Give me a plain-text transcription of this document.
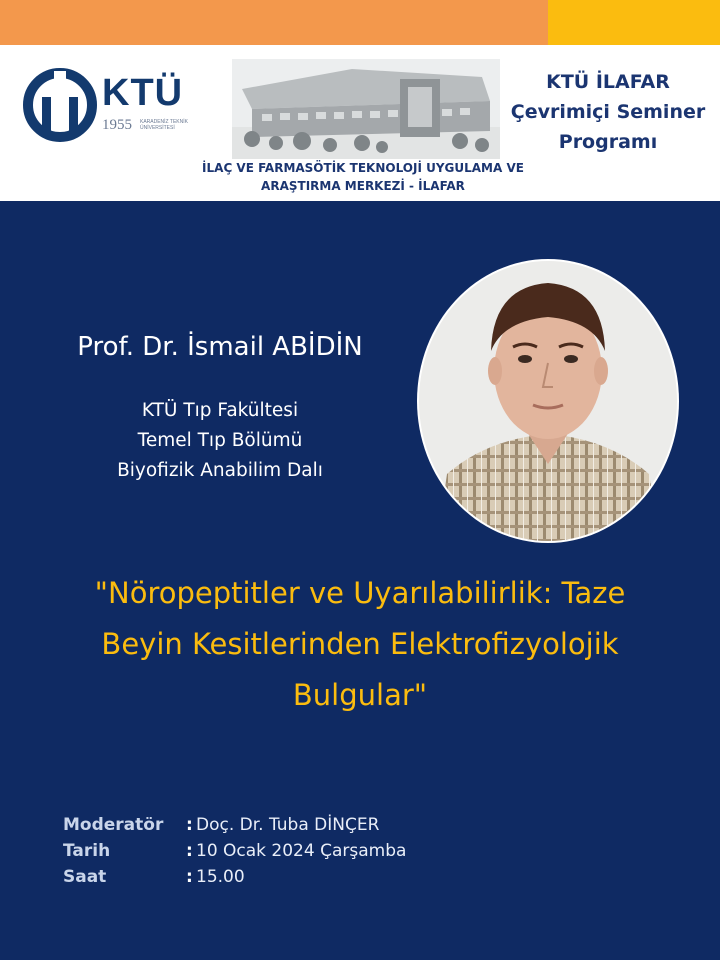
KTÜ
1955 KARADENİZ TEKNİK ÜNİVERSİTESİ
KTÜ İLAFAR
Çevrimiçi Seminer
Programı
İLAÇ VE FARMASÖTİK TEKNOLOJİ UYGULAMA VE
ARAŞTIRMA MERKEZİ - İLAFAR
Prof. Dr. İsmail ABİDİN
KTÜ Tıp Fakültesi
Temel Tıp Bölümü
Biyofizik Anabilim Dalı
"Nöropeptitler ve Uyarılabilirlik: Taze
Beyin Kesitlerinden Elektrofizyolojik
Bulgular"
Moderatör : Doç. Dr. Tuba DİNÇER
Tarih	: 10 Ocak 2024 Çarşamba
Saat	: 15.00
